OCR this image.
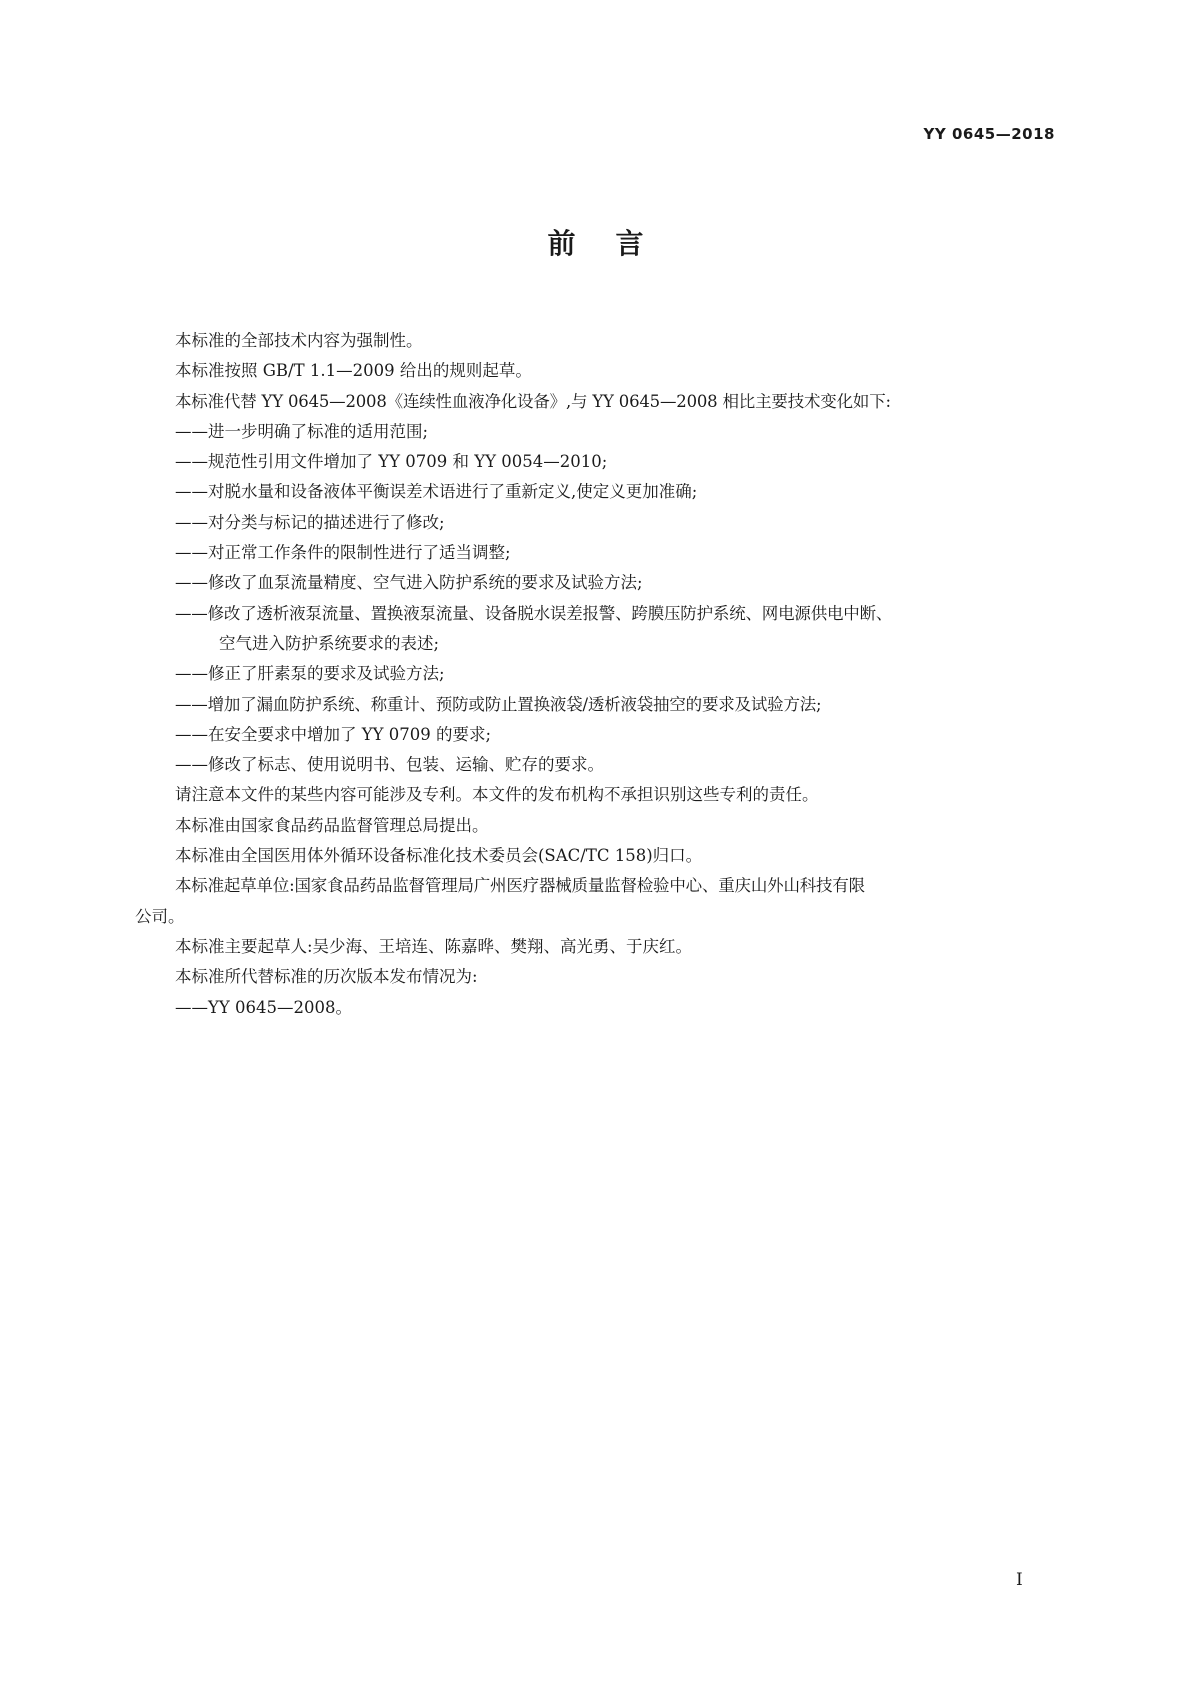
YY 0645—2018
前言
本标准的全部技术内容为强制性。
本标准按照 GB/T 1.1—2009 给出的规则起草。
本标准代替 YY 0645—2008《连续性血液净化设备》,与 YY 0645—2008 相比主要技术变化如下:
——进一步明确了标准的适用范围;
——规范性引用文件增加了 YY 0709 和 YY 0054—2010;
——对脱水量和设备液体平衡误差术语进行了重新定义,使定义更加准确;
——对分类与标记的描述进行了修改;
——对正常工作条件的限制性进行了适当调整;
——修改了血泵流量精度、空气进入防护系统的要求及试验方法;
——修改了透析液泵流量、置换液泵流量、设备脱水误差报警、跨膜压防护系统、网电源供电中断、
空气进入防护系统要求的表述;
——修正了肝素泵的要求及试验方法;
——增加了漏血防护系统、称重计、预防或防止置换液袋/透析液袋抽空的要求及试验方法;
——在安全要求中增加了 YY 0709 的要求;
——修改了标志、使用说明书、包装、运输、贮存的要求。
请注意本文件的某些内容可能涉及专利。本文件的发布机构不承担识别这些专利的责任。
本标准由国家食品药品监督管理总局提出。
本标准由全国医用体外循环设备标准化技术委员会(SAC/TC 158)归口。
本标准起草单位:国家食品药品监督管理局广州医疗器械质量监督检验中心、重庆山外山科技有限
公司。
本标准主要起草人:吴少海、王培连、陈嘉晔、樊翔、高光勇、于庆红。
本标准所代替标准的历次版本发布情况为:
——YY 0645—2008。
I
